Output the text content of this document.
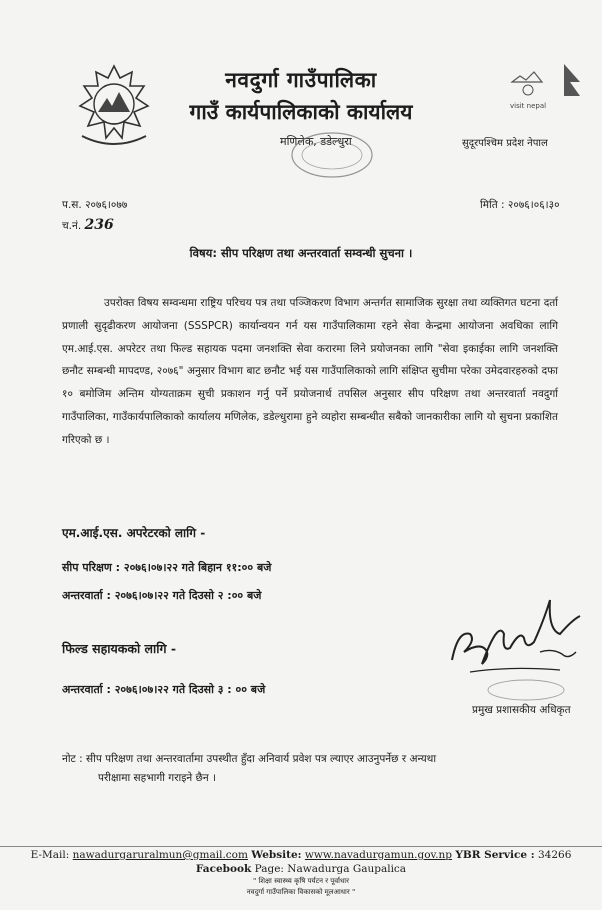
visit nepal
नवदुर्गा गाउँपालिका
गाउँ कार्यपालिकाको कार्यालय
मणिलेक, डडेल्धुरा	सुदूरपश्चिम प्रदेश नेपाल
प.स. २०७६।०७७
च.नं. 236
मिति : २०७६।०६।३०
विषय: सीप परिक्षण तथा अन्तरवार्ता सम्वन्धी सुचना ।
उपरोक्त विषय सम्वन्धमा राष्ट्रिय परिचय पत्र तथा पञ्जिकरण विभाग अन्तर्गत सामाजिक सुरक्षा तथा व्यक्तिगत घटना दर्ता प्रणाली सुदृढीकरण आयोजना (SSSPCR) कार्यान्वयन गर्न यस गाउँपालिकामा रहने सेवा केन्द्रमा आयोजना अवधिका लागि एम.आई.एस. अपरेटर तथा फिल्ड सहायक पदमा जनशक्ति सेवा करारमा लिने प्रयोजनका लागि "सेवा इकाईका लागि जनशक्ति छनौट सम्बन्धी मापदण्ड, २०७६" अनुसार विभाग बाट छनौट भई यस गाउँपालिकाको लागि संक्षिप्त सुचीमा परेका उमेदवारहरुको दफा १० बमोजिम अन्तिम योग्यताक्रम सुची प्रकाशन गर्नु पर्ने प्रयोजनार्थ तपसिल अनुसार सीप परिक्षण तथा अन्तरवार्ता नवदुर्गा गाउँपालिका, गाउँकार्यपालिकाको कार्यालय मणिलेक, डडेल्धुरामा हुने व्यहोरा सम्बन्धीत सबैको जानकारीका लागि यो सुचना प्रकाशित गरिएको छ ।
एम.आई.एस. अपरेटरको लागि -
सीप परिक्षण : २०७६।०७।२२ गते बिहान ११:०० बजे
अन्तरवार्ता : २०७६।०७।२२ गते दिउसो २ :०० बजे
फिल्ड सहायकको लागि -
अन्तरवार्ता : २०७६।०७।२२ गते दिउसो ३ : ०० बजे
प्रमुख प्रशासकीय अधिकृत
नोट : सीप परिक्षण तथा अन्तरवार्तामा उपस्थीत हुँदा अनिवार्य प्रवेश पत्र ल्याएर आउनुपर्नेछ र अन्यथा
परीक्षामा सहभागी गराइने छैन ।
E-Mail: nawadurgaruralmun@gmail.com Website: www.navadurgamun.gov.np YBR Service : 34266
Facebook Page: Nawadurga Gaupalica
" शिक्षा स्वास्थ्य कृषि पर्यटन र पूर्वाधार
नवदुर्गा गाउँपालिका विकासको मूलआधार "
